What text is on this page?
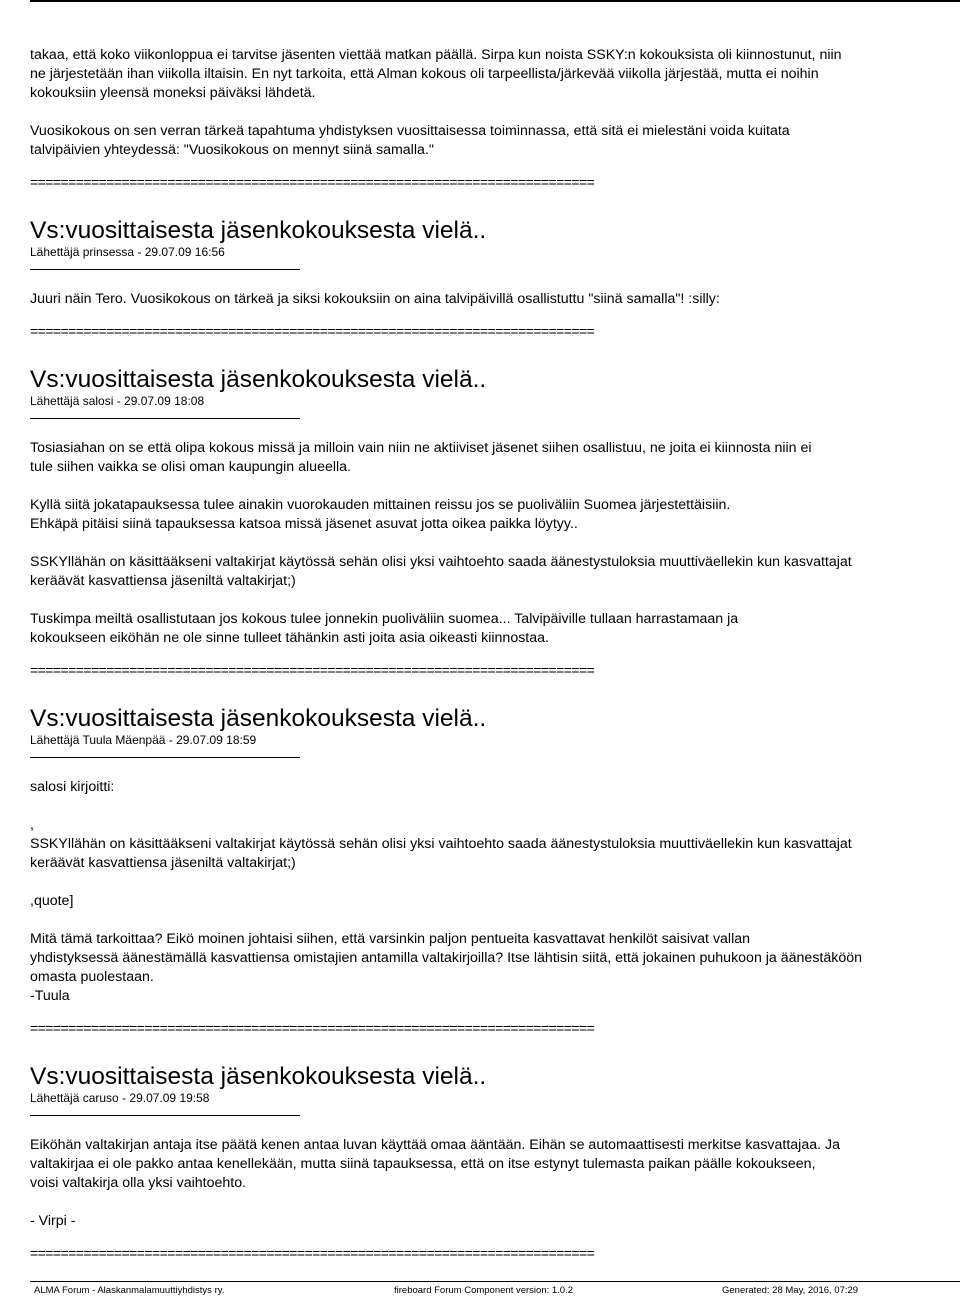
takaa, että koko viikonloppua ei tarvitse jäsenten viettää matkan päällä. Sirpa kun noista SSKY:n kokouksista oli kiinnostunut, niin
ne järjestetään ihan viikolla iltaisin. En nyt tarkoita, että Alman kokous oli tarpeellista/järkevää viikolla järjestää, mutta ei noihin
kokouksiin yleensä moneksi päiväksi lähdetä.
Vuosikokous on sen verran tärkeä tapahtuma yhdistyksen vuosittaisessa toiminnassa, että sitä ei mielestäni voida kuitata
talvipäivien yhteydessä: "Vuosikokous on mennyt siinä samalla."
==========================================================================
Vs:vuosittaisesta jäsenkokouksesta vielä..
Lähettäjä prinsessa - 29.07.09 16:56
Juuri näin Tero. Vuosikokous on tärkeä ja siksi kokouksiin on aina talvipäivillä osallistuttu "siinä samalla"! :silly:
==========================================================================
Vs:vuosittaisesta jäsenkokouksesta vielä..
Lähettäjä salosi - 29.07.09 18:08
Tosiasiahan on se että olipa kokous missä ja milloin vain niin ne aktiiviset jäsenet siihen osallistuu, ne joita ei kiinnosta niin ei
tule siihen vaikka se olisi oman kaupungin alueella.
Kyllä siitä jokatapauksessa tulee ainakin vuorokauden mittainen reissu jos se puoliväliin Suomea järjestettäisiin.
Ehkäpä pitäisi siinä tapauksessa katsoa missä jäsenet asuvat jotta oikea paikka löytyy..
SSKYllähän on käsittääkseni valtakirjat käytössä sehän olisi yksi vaihtoehto saada äänestystuloksia muuttiväellekin kun kasvattajat
keräävät kasvattiensa jäseniltä valtakirjat;)
Tuskimpa meiltä osallistutaan jos kokous tulee jonnekin puoliväliin suomea... Talvipäiville tullaan harrastamaan ja
kokoukseen eiköhän ne ole sinne tulleet tähänkin asti joita asia oikeasti kiinnostaa.
==========================================================================
Vs:vuosittaisesta jäsenkokouksesta vielä..
Lähettäjä Tuula Mäenpää - 29.07.09 18:59
salosi kirjoitti:
,
SSKYllähän on käsittääkseni valtakirjat käytössä sehän olisi yksi vaihtoehto saada äänestystuloksia muuttiväellekin kun kasvattajat
keräävät kasvattiensa jäseniltä valtakirjat;)
,quote]
Mitä tämä tarkoittaa? Eikö moinen johtaisi siihen, että varsinkin paljon pentueita kasvattavat henkilöt saisivat vallan
yhdistyksessä äänestämällä kasvattiensa omistajien antamilla valtakirjoilla? Itse lähtisin siitä, että jokainen puhukoon ja äänestäköön
omasta puolestaan.
-Tuula
==========================================================================
Vs:vuosittaisesta jäsenkokouksesta vielä..
Lähettäjä caruso - 29.07.09 19:58
Eiköhän valtakirjan antaja itse päätä kenen antaa luvan käyttää omaa ääntään. Eihän se automaattisesti merkitse kasvattajaa. Ja
valtakirjaa ei ole pakko antaa kenellekään, mutta siinä tapauksessa, että on itse estynyt tulemasta paikan päälle kokoukseen,
voisi valtakirja olla yksi vaihtoehto.
- Virpi -
==========================================================================
ALMA Forum - Alaskanmalamuuttiyhdistys ry.	fireboard Forum Component version: 1.0.2	Generated: 28 May, 2016, 07:29
